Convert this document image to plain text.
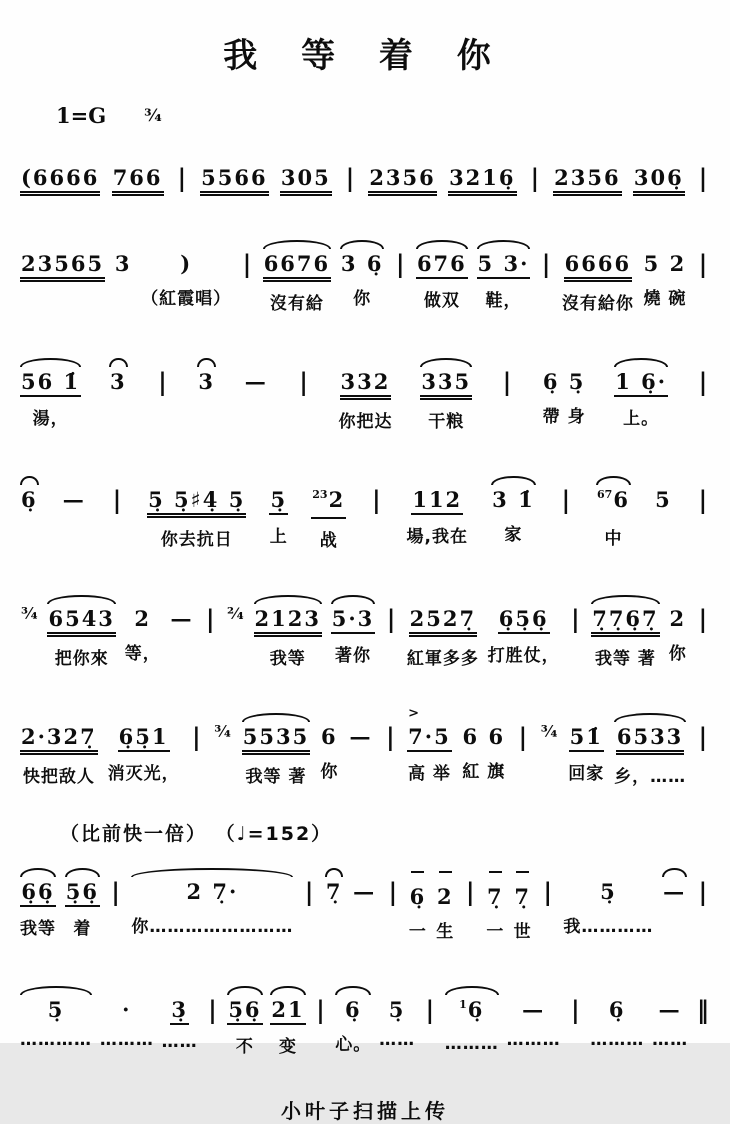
我 等 着 你
1=G ¾
(6666 766 | 5566 305 | 2356 3216̣ | 2356 306̣ |
23565 3 )
（紅霞唱）
| 6676
沒有給
3 6̣
你
| 676
做双
5 3·
鞋，
| 6666
沒有給你
5 2
燒 碗
|
56 1̇
湯，
3 | 3 — | 332
你把达
335
干粮
| 6̣ 5̣
帶 身
1 6̣·
上。
|
6̣ — | 5̣ 5̣♯4̣ 5̣
你去抗日
5̣
上
$^{23}$2
战
| 112
場,我在
3 1̇
家
| $^{67}$6
中
5 |
¾ 6543
把你來
2
等，
— | ²⁄₄ 2123
我等
5·3
著你
| 2527̣
紅軍多多
6̣5̣6̣
打胜仗，
| 7̣7̣6̣7̣
我等 著
2
你
|
2·327̣
快把敌人
6̣5̣1
消灭光，
| ¾ 5535
我等 著
6
你
— |
>
7·5
高 举
6 6
紅 旗
| ¾ 51̇
回家
6533
乡，……
|
（比前快一倍） （♩=152）
6̣6̣
我等
5̣6̣
着
|	2 7̣·
你……………………
| 7̣ — | 6̣
一
2
生
| 7̣
一
7̣
世
| 5̣
我…………
— |
5̣
…………
·
………
3̣
……
| 5̣6̣
不
21
变
| 6̣
心。
5̣
……
| $^1$6̣
………
—
………
| 6̣
………
—
……
‖
小叶子扫描上传
